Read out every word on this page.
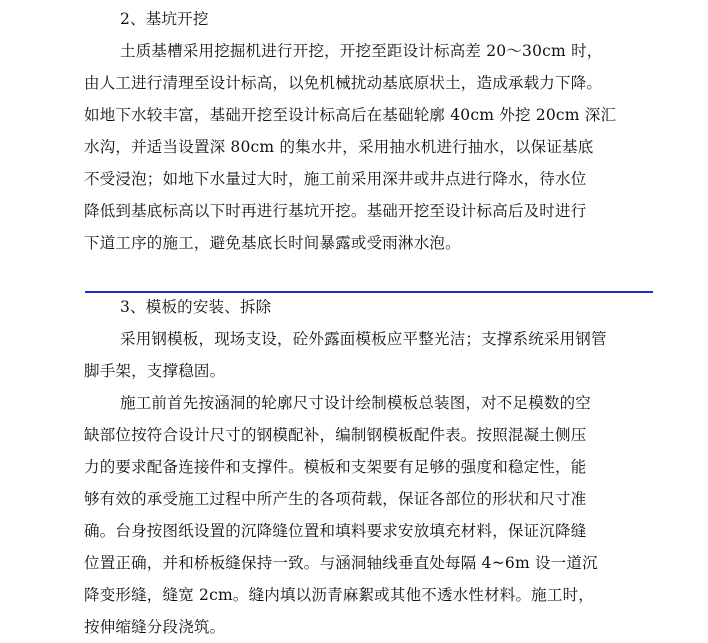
2、基坑开挖
土质基槽采用挖掘机进行开挖，开挖至距设计标高差 20～30cm 时，
由人工进行清理至设计标高，以免机械扰动基底原状土，造成承载力下降。
如地下水较丰富，基础开挖至设计标高后在基础轮廓 40cm 外挖 20cm 深汇
水沟，并适当设置深 80cm 的集水井，采用抽水机进行抽水，以保证基底
不受浸泡；如地下水量过大时，施工前采用深井或井点进行降水，待水位
降低到基底标高以下时再进行基坑开挖。基础开挖至设计标高后及时进行
下道工序的施工，避免基底长时间暴露或受雨淋水泡。
3、模板的安装、拆除
采用钢模板，现场支设，砼外露面模板应平整光洁；支撑系统采用钢管
脚手架，支撑稳固。
施工前首先按涵洞的轮廓尺寸设计绘制模板总装图，对不足模数的空
缺部位按符合设计尺寸的钢模配补，编制钢模板配件表。按照混凝土侧压
力的要求配备连接件和支撑件。模板和支架要有足够的强度和稳定性，能
够有效的承受施工过程中所产生的各项荷载，保证各部位的形状和尺寸准
确。台身按图纸设置的沉降缝位置和填料要求安放填充材料，保证沉降缝
位置正确，并和桥板缝保持一致。与涵洞轴线垂直处每隔 4~6m 设一道沉
降变形缝，缝宽 2cm。缝内填以沥青麻絮或其他不透水性材料。施工时，
按伸缩缝分段浇筑。
